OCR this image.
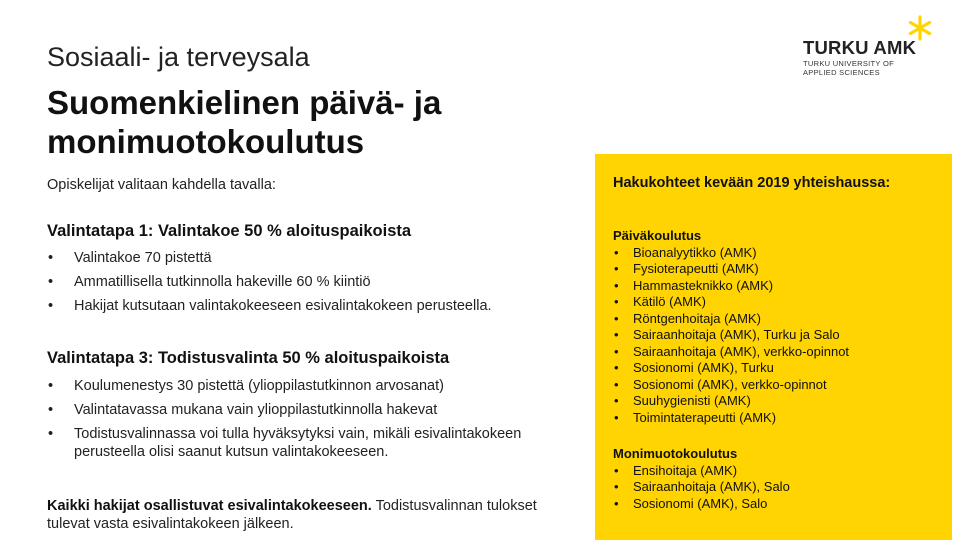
Sosiaali- ja terveysala
Suomenkielinen päivä- ja monimuotokoulutus
TURKU AMK
TURKU UNIVERSITY OF
APPLIED SCIENCES
Opiskelijat valitaan kahdella tavalla:
Valintatapa 1: Valintakoe 50 % aloituspaikoista
• Valintakoe 70 pistettä
• Ammatillisella tutkinnolla hakeville 60 % kiintiö
• Hakijat kutsutaan valintakokeeseen esivalintakokeen perusteella.
Valintatapa 3: Todistusvalinta 50 % aloituspaikoista
• Koulumenestys 30 pistettä (ylioppilastutkinnon arvosanat)
• Valintatavassa mukana vain ylioppilastutkinnolla hakevat
• Todistusvalinnassa voi tulla hyväksytyksi vain, mikäli esivalintakokeen perusteella olisi saanut kutsun valintakokeeseen.
Kaikki hakijat osallistuvat esivalintakokeeseen. Todistusvalinnan tulokset tulevat vasta esivalintakokeen jälkeen.
Hakukohteet kevään 2019 yhteishaussa:
Päiväkoulutus
• Bioanalyytikko (AMK)
• Fysioterapeutti (AMK)
• Hammasteknikko (AMK)
• Kätilö (AMK)
• Röntgenhoitaja (AMK)
• Sairaanhoitaja (AMK), Turku ja Salo
• Sairaanhoitaja (AMK), verkko-opinnot
• Sosionomi (AMK), Turku
• Sosionomi (AMK), verkko-opinnot
• Suuhygienisti (AMK)
• Toimintaterapeutti (AMK)
Monimuotokoulutus
• Ensihoitaja (AMK)
• Sairaanhoitaja (AMK), Salo
• Sosionomi (AMK), Salo
